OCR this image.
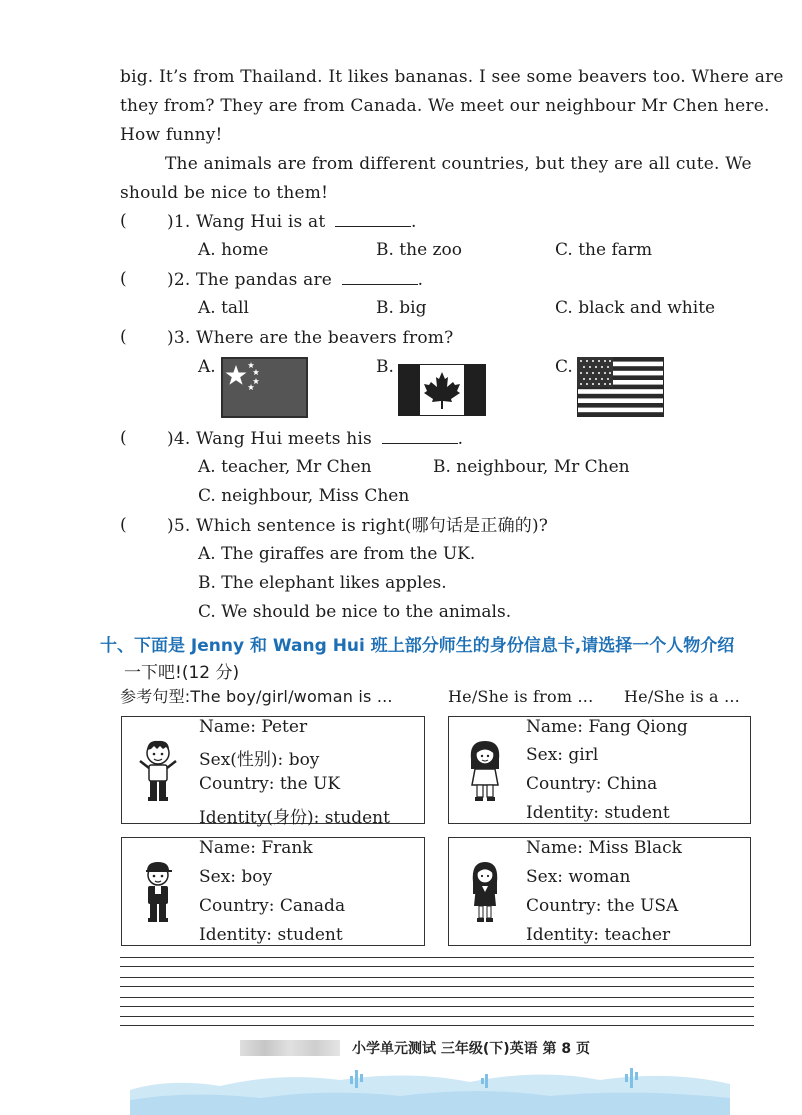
big. It’s from Thailand. It likes bananas. I see some beavers too. Where are
they from? They are from Canada. We meet our neighbour Mr Chen here.
How funny!
The animals are from different countries, but they are all cute. We
should be nice to them!
( )1. Wang Hui is at	.
A. home	B. the zoo	C. the farm
( )2. The pandas are	.
A. tall	B. big	C. black and white
( )3. Where are the beavers from?
A.	B.	C.
( )4. Wang Hui meets his	.
A. teacher, Mr Chen	B. neighbour, Mr Chen
C. neighbour, Miss Chen
( )5. Which sentence is right(哪句话是正确的)?
A. The giraffes are from the UK.
B. The elephant likes apples.
C. We should be nice to the animals.
十、下面是 Jenny 和 Wang Hui 班上部分师生的身份信息卡,请选择一个人物介绍
一下吧!(12 分)
参考句型:The boy/girl/woman is ...	He/She is from ... He/She is a ...
Name: Peter
Sex(性别): boy
Country: the UK
Identity(身份): student
Name: Fang Qiong
Sex: girl
Country: China
Identity: student
Name: Frank
Sex: boy
Country: Canada
Identity: student
Name: Miss Black
Sex: woman
Country: the USA
Identity: teacher
小学单元测试 三年级(下)英语 第 8 页
